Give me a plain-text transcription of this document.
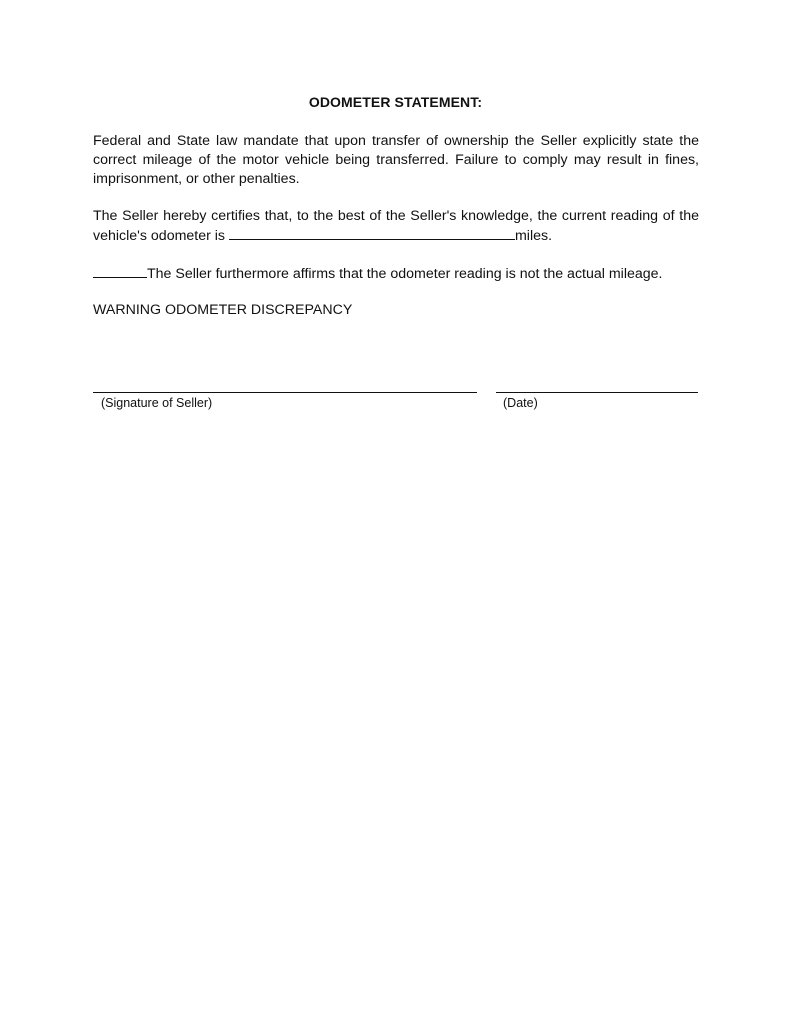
ODOMETER STATEMENT:

Federal and State law mandate that upon transfer of ownership the Seller explicitly state the correct mileage of the motor vehicle being transferred. Failure to comply may result in fines, imprisonment, or other penalties.

The Seller hereby certifies that, to the best of the Seller's knowledge, the current reading of the vehicle's odometer is	miles.

The Seller furthermore affirms that the odometer reading is not the actual mileage.

WARNING ODOMETER DISCREPANCY
(Signature of Seller)	(Date)
